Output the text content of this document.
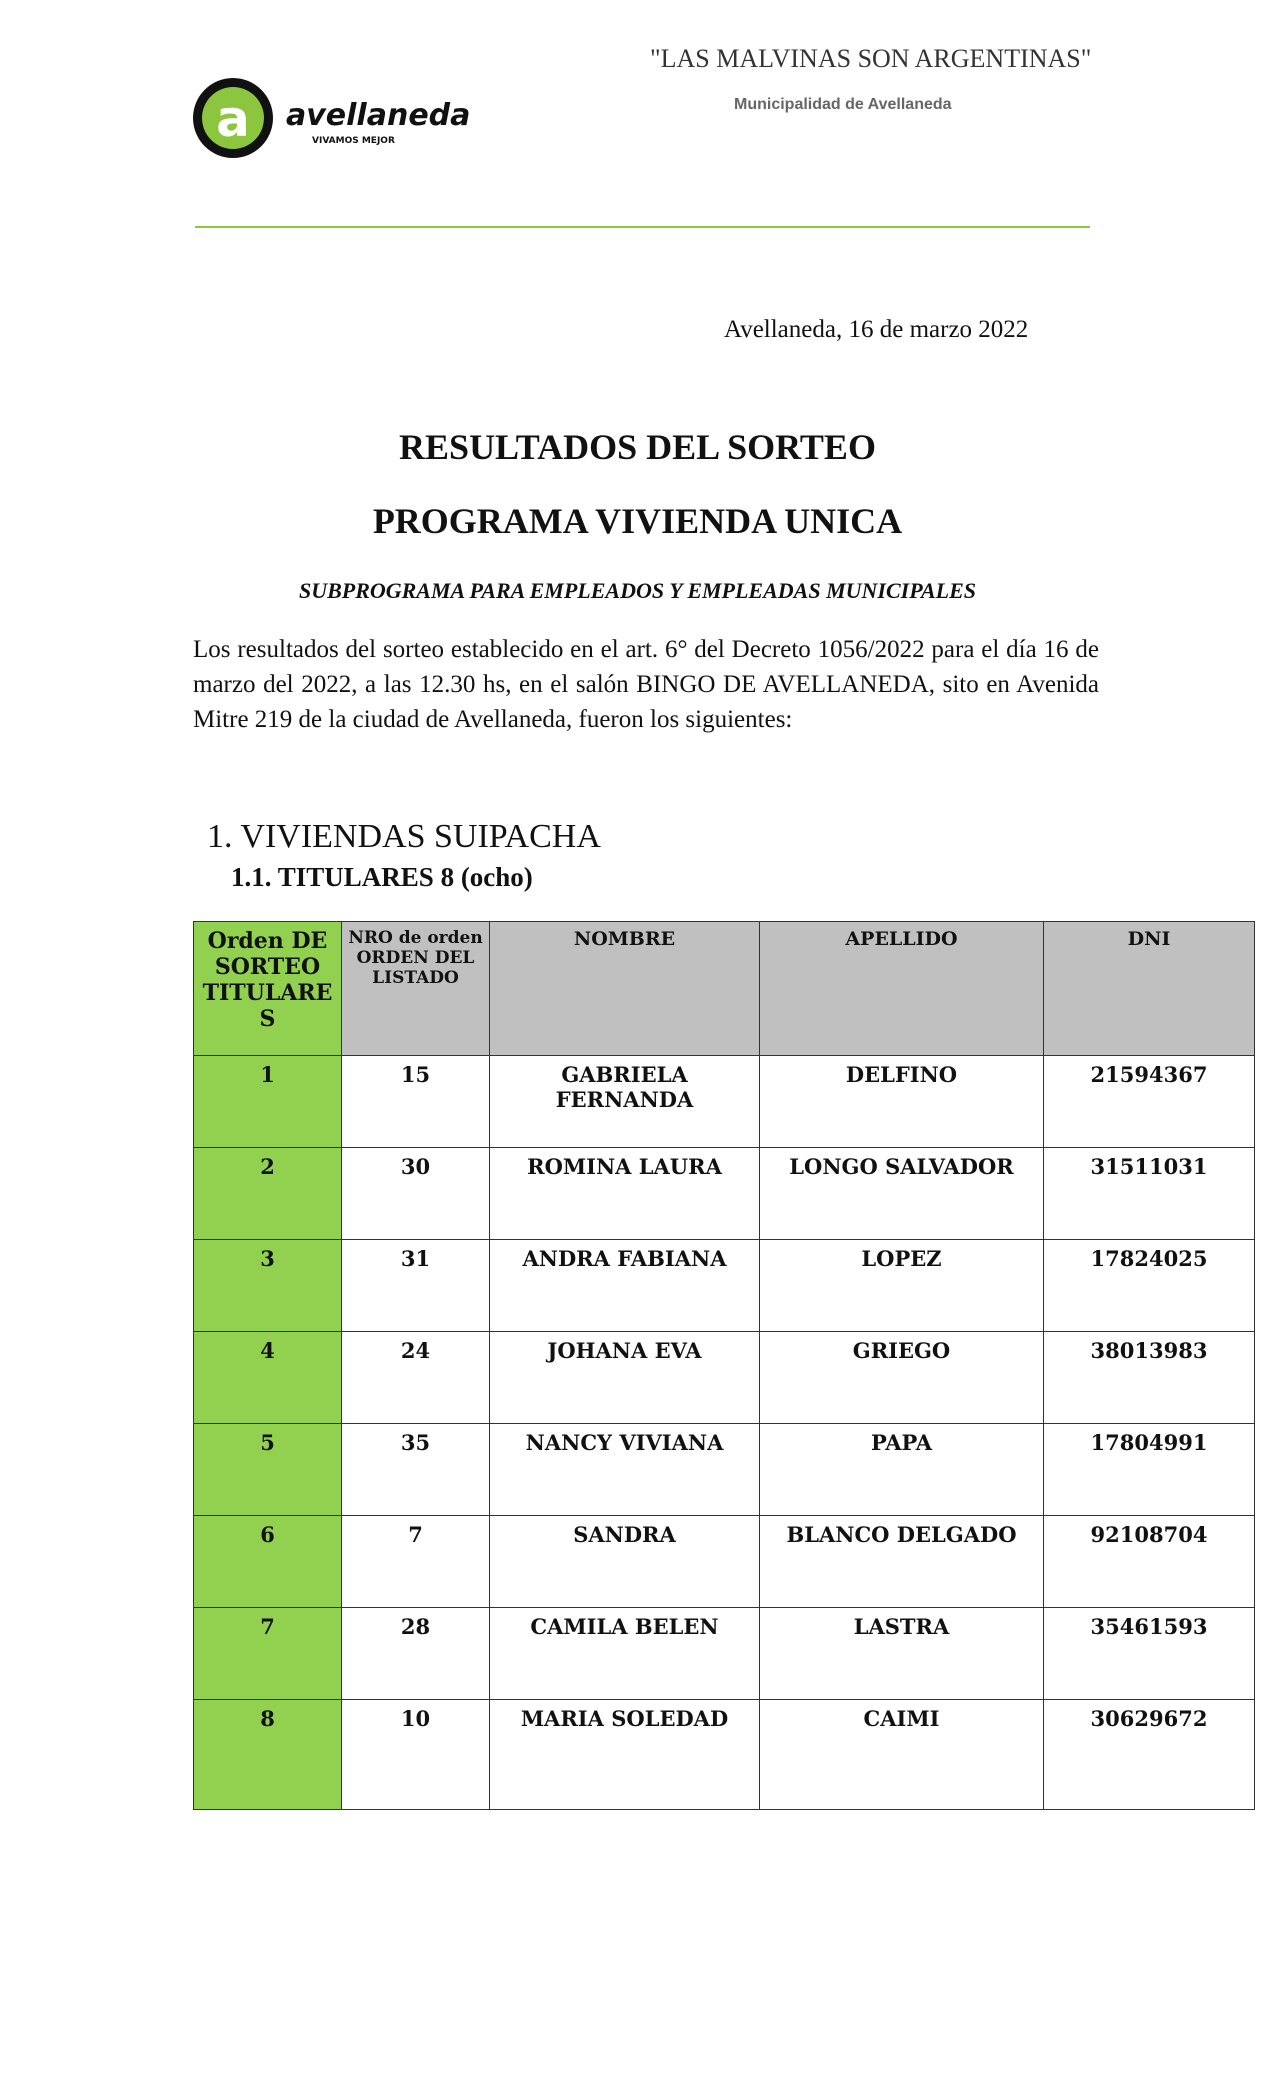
"LAS MALVINAS SON ARGENTINAS"
Municipalidad de Avellaneda
a avellaneda
VIVAMOS MEJOR
Avellaneda, 16 de marzo 2022
RESULTADOS DEL SORTEO
PROGRAMA VIVIENDA UNICA
SUBPROGRAMA PARA EMPLEADOS Y EMPLEADAS MUNICIPALES
Los resultados del sorteo establecido en el art. 6° del Decreto 1056/2022 para el día 16 de marzo del 2022, a las 12.30 hs, en el salón BINGO DE AVELLANEDA, sito en Avenida Mitre 219 de la ciudad de Avellaneda, fueron los siguientes:
1. VIVIENDAS SUIPACHA
1.1. TITULARES 8 (ocho)
Orden DE SORTEO TITULARE S	NRO de orden ORDEN DEL LISTADO	NOMBRE	APELLIDO	DNI
1	15	GABRIELA FERNANDA	DELFINO	21594367
2	30	ROMINA LAURA	LONGO SALVADOR	31511031
3	31	ANDRA FABIANA	LOPEZ	17824025
4	24	JOHANA EVA	GRIEGO	38013983
5	35	NANCY VIVIANA	PAPA	17804991
6	7	SANDRA	BLANCO DELGADO	92108704
7	28	CAMILA BELEN	LASTRA	35461593
8	10	MARIA SOLEDAD	CAIMI	30629672
